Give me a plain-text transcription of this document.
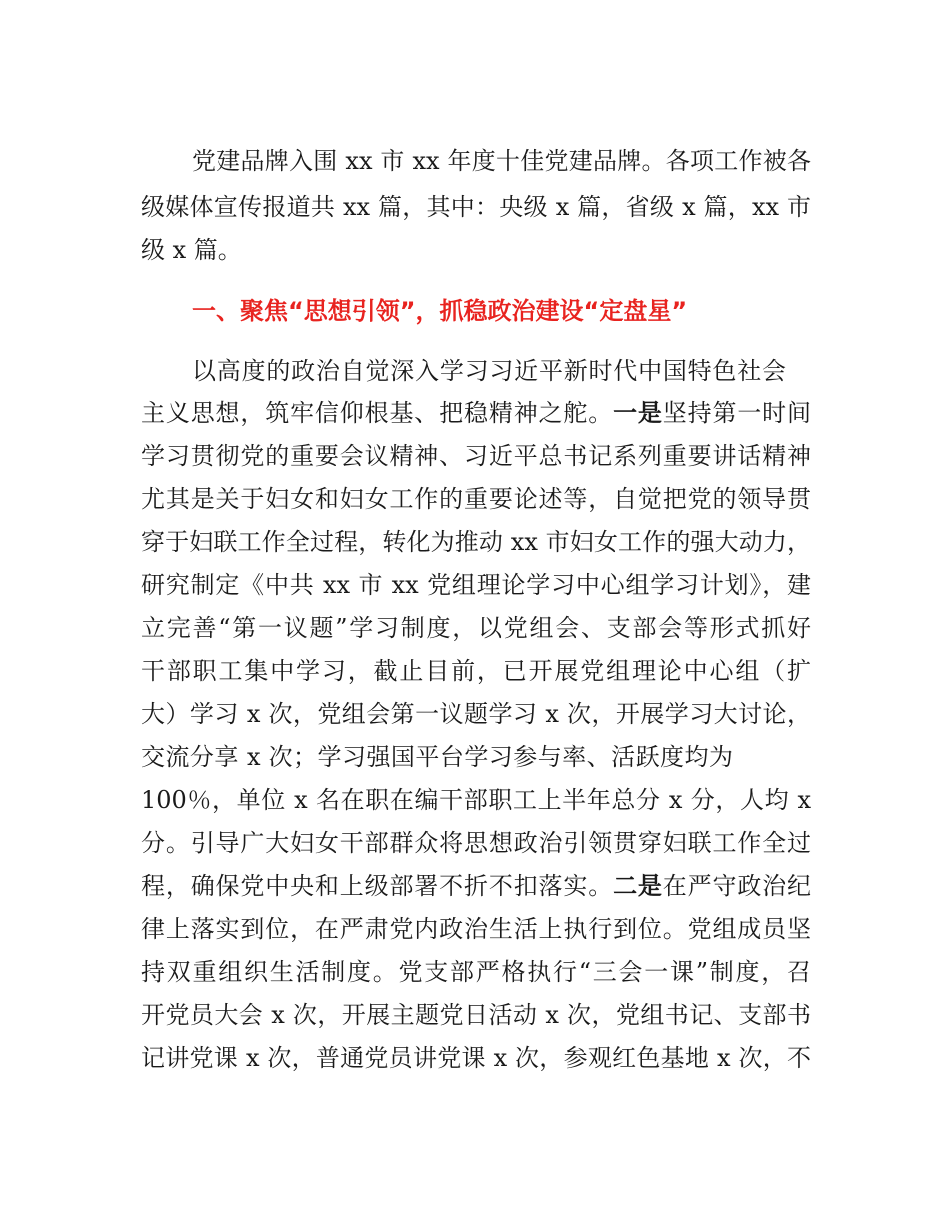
党建品牌入围 xx 市 xx 年度十佳党建品牌。各项工作被各
级媒体宣传报道共 xx 篇，其中：央级 x 篇，省级 x 篇，xx 市
级 x 篇。
一、聚焦“思想引领”，抓稳政治建设“定盘星”
以高度的政治自觉深入学习习近平新时代中国特色社会
主义思想，筑牢信仰根基、把稳精神之舵。一是坚持第一时间
学习贯彻党的重要会议精神、习近平总书记系列重要讲话精神
尤其是关于妇女和妇女工作的重要论述等，自觉把党的领导贯
穿于妇联工作全过程，转化为推动 xx 市妇女工作的强大动力，
研究制定《中共 xx 市 xx 党组理论学习中心组学习计划》，建
立完善“第一议题”学习制度，以党组会、支部会等形式抓好
干部职工集中学习，截止目前，已开展党组理论中心组（扩
大）学习 x 次，党组会第一议题学习 x 次，开展学习大讨论，
交流分享 x 次；学习强国平台学习参与率、活跃度均为
100％，单位 x 名在职在编干部职工上半年总分 x 分，人均 x
分。引导广大妇女干部群众将思想政治引领贯穿妇联工作全过
程，确保党中央和上级部署不折不扣落实。二是在严守政治纪
律上落实到位，在严肃党内政治生活上执行到位。党组成员坚
持双重组织生活制度。党支部严格执行“三会一课”制度，召
开党员大会 x 次，开展主题党日活动 x 次，党组书记、支部书
记讲党课 x 次，普通党员讲党课 x 次，参观红色基地 x 次，不
